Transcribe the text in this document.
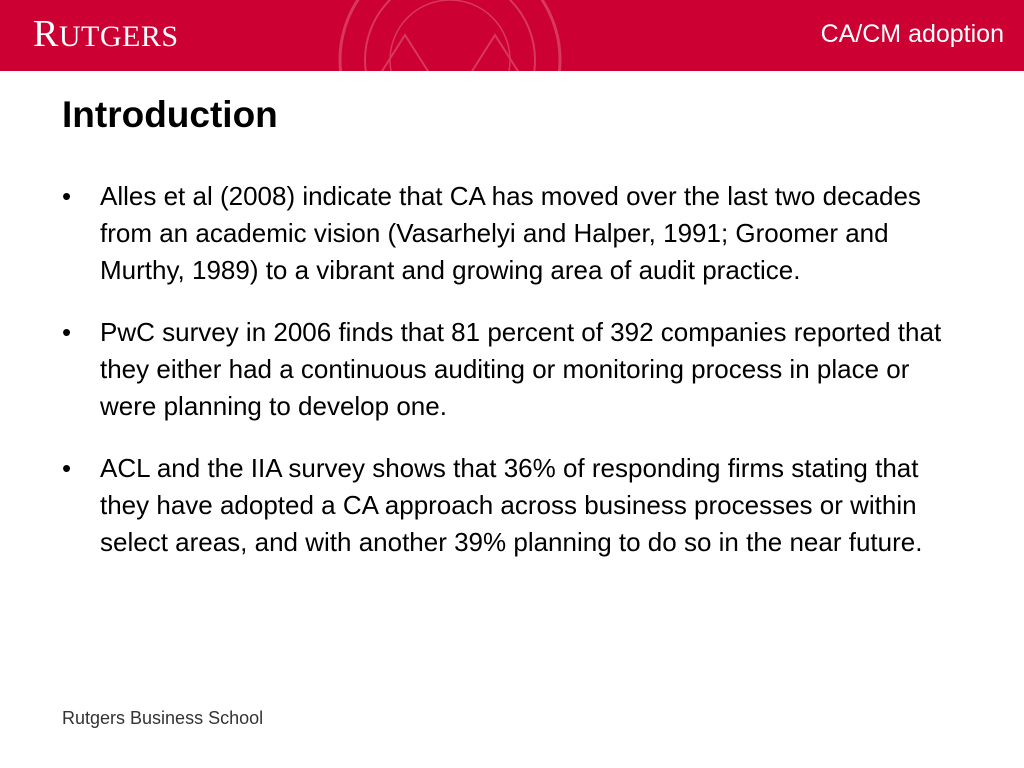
RUTGERS	CA/CM adoption
Introduction
•	Alles et al (2008) indicate that CA has moved over the last two decades from an academic vision (Vasarhelyi and Halper, 1991; Groomer and Murthy, 1989) to a vibrant and growing area of audit practice.
•	PwC survey in 2006 finds that 81 percent of 392 companies reported that they either had a continuous auditing or monitoring process in place or were planning to develop one.
•	ACL and the IIA survey shows that 36% of responding firms stating that they have adopted a CA approach across business processes or within select areas, and with another 39% planning to do so in the near future.
Rutgers Business School
